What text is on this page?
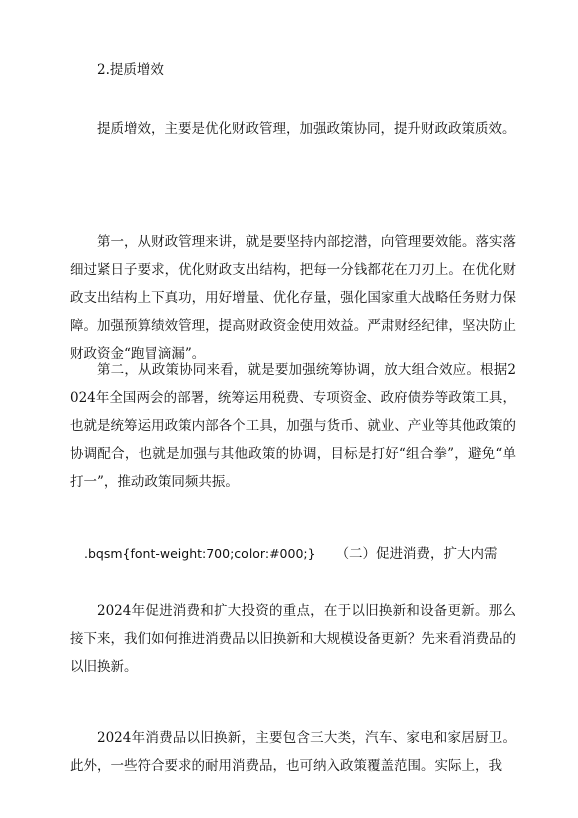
2.提质增效

提质增效，主要是优化财政管理，加强政策协同，提升财政政策质效。

第一，从财政管理来讲，就是要坚持内部挖潜，向管理要效能。落实落细过紧日子要求，优化财政支出结构，把每一分钱都花在刀刃上。在优化财政支出结构上下真功，用好增量、优化存量，强化国家重大战略任务财力保障。加强预算绩效管理，提高财政资金使用效益。严肃财经纪律，坚决防止财政资金“跑冒滴漏”。

第二，从政策协同来看，就是要加强统筹协调，放大组合效应。根据2024年全国两会的部署，统筹运用税费、专项资金、政府债券等政策工具，也就是统筹运用政策内部各个工具，加强与货币、就业、产业等其他政策的协调配合，也就是加强与其他政策的协调，目标是打好“组合拳”，避免“单打一”，推动政策同频共振。

.bqsm{font-weight:700;color:#000;} （二）促进消费，扩大内需

2024年促进消费和扩大投资的重点，在于以旧换新和设备更新。那么接下来，我们如何推进消费品以旧换新和大规模设备更新？先来看消费品的以旧换新。

2024年消费品以旧换新，主要包含三大类，汽车、家电和家居厨卫。此外，一些符合要求的耐用消费品，也可纳入政策覆盖范围。实际上，我
